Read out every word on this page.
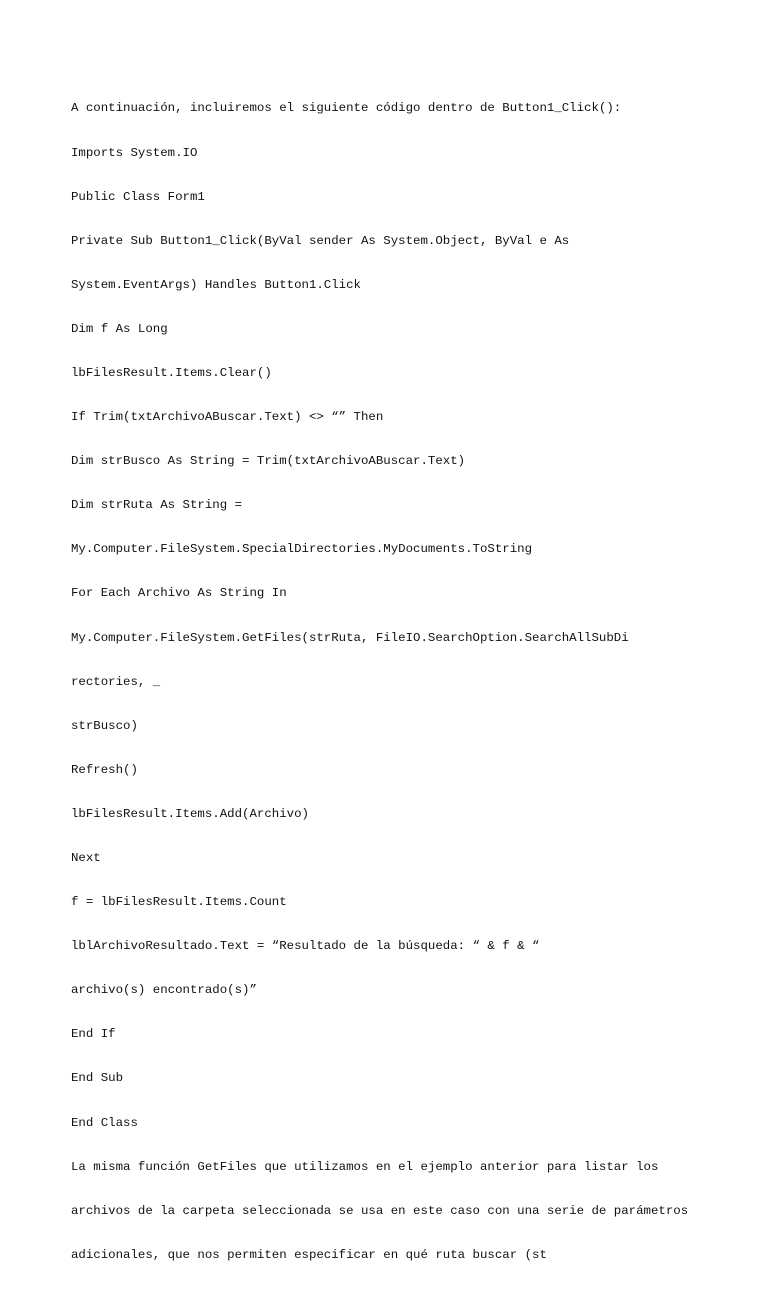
A continuación, incluiremos el siguiente código dentro de Button1_Click():

Imports System.IO

Public Class Form1

Private Sub Button1_Click(ByVal sender As System.Object, ByVal e As

System.EventArgs) Handles Button1.Click

Dim f As Long

lbFilesResult.Items.Clear()

If Trim(txtArchivoABuscar.Text) <> “” Then

Dim strBusco As String = Trim(txtArchivoABuscar.Text)

Dim strRuta As String =

My.Computer.FileSystem.SpecialDirectories.MyDocuments.ToString

For Each Archivo As String In

My.Computer.FileSystem.GetFiles(strRuta, FileIO.SearchOption.SearchAllSubDi

rectories, _

strBusco)

Refresh()

lbFilesResult.Items.Add(Archivo)

Next

f = lbFilesResult.Items.Count

lblArchivoResultado.Text = “Resultado de la búsqueda: “ & f & “

archivo(s) encontrado(s)”

End If

End Sub

End Class

La misma función GetFiles que utilizamos en el ejemplo anterior para listar los

archivos de la carpeta seleccionada se usa en este caso con una serie de parámetros

adicionales, que nos permiten especificar en qué ruta buscar (st
